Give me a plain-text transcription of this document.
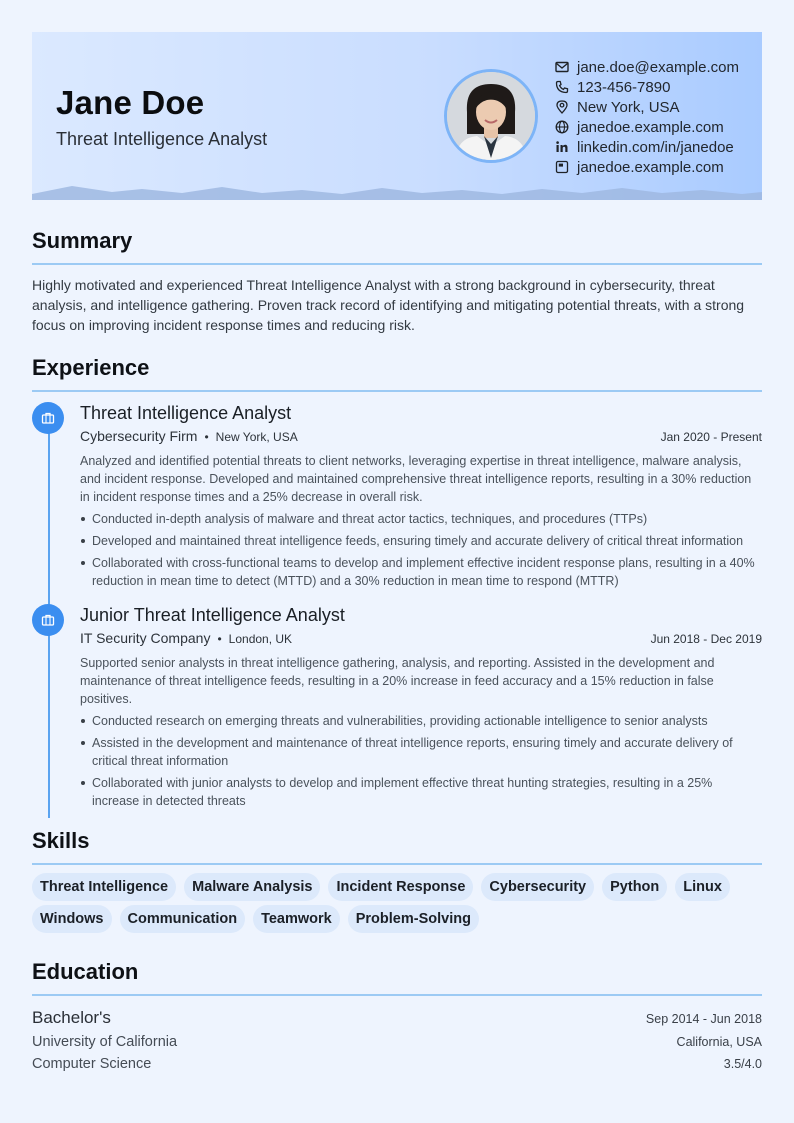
Jane Doe
Threat Intelligence Analyst
jane.doe@example.com
123-456-7890
New York, USA
janedoe.example.com
linkedin.com/in/janedoe
janedoe.example.com
Summary

Highly motivated and experienced Threat Intelligence Analyst with a strong background in cybersecurity, threat analysis, and intelligence gathering. Proven track record of identifying and mitigating potential threats, with a strong focus on improving incident response times and reducing risk.

Experience
Threat Intelligence Analyst
Cybersecurity Firm • New York, USA	Jan 2020 - Present

Analyzed and identified potential threats to client networks, leveraging expertise in threat intelligence, malware analysis, and incident response. Developed and maintained comprehensive threat intelligence reports, resulting in a 30% reduction in incident response times and a 25% decrease in overall risk.

Conducted in-depth analysis of malware and threat actor tactics, techniques, and procedures (TTPs)
Developed and maintained threat intelligence feeds, ensuring timely and accurate delivery of critical threat information
Collaborated with cross-functional teams to develop and implement effective incident response plans, resulting in a 40% reduction in mean time to detect (MTTD) and a 30% reduction in mean time to respond (MTTR)
Junior Threat Intelligence Analyst
IT Security Company • London, UK	Jun 2018 - Dec 2019

Supported senior analysts in threat intelligence gathering, analysis, and reporting. Assisted in the development and maintenance of threat intelligence feeds, resulting in a 20% increase in feed accuracy and a 15% reduction in false positives.

Conducted research on emerging threats and vulnerabilities, providing actionable intelligence to senior analysts
Assisted in the development and maintenance of threat intelligence reports, ensuring timely and accurate delivery of critical threat information
Collaborated with junior analysts to develop and implement effective threat hunting strategies, resulting in a 25% increase in detected threats
Skills
Threat Intelligence	Malware Analysis	Incident Response	Cybersecurity	Python	Linux
Windows	Communication	Teamwork	Problem-Solving
Education
Bachelor's	Sep 2014 - Jun 2018
University of California	California, USA
Computer Science	3.5/4.0
